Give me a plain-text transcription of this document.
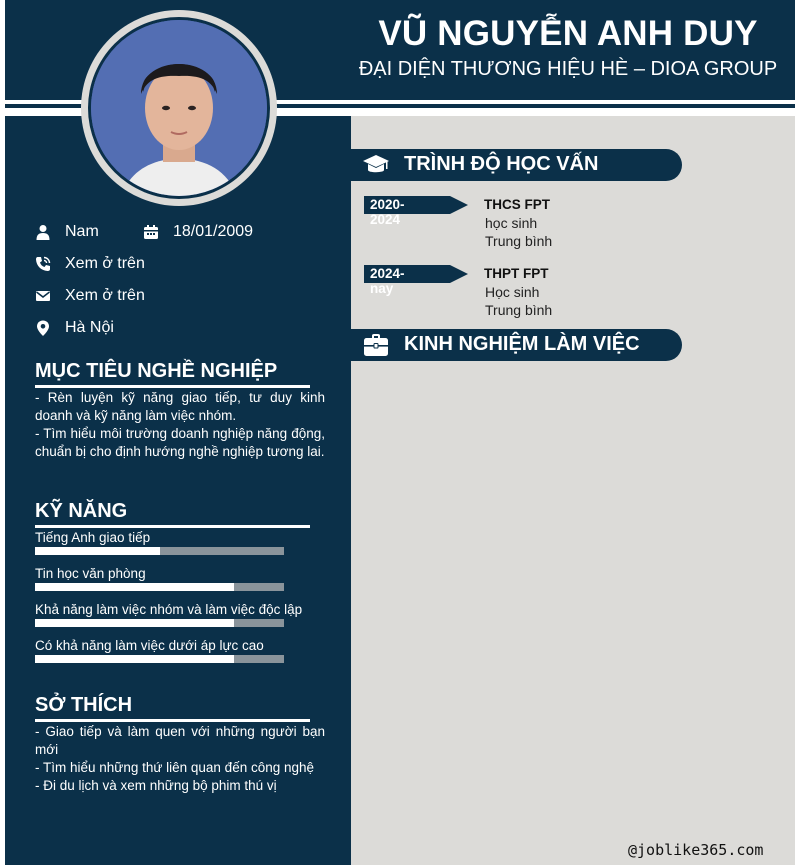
VŨ NGUYỄN ANH DUY
ĐẠI DIỆN THƯƠNG HIỆU HÈ – DIOA GROUP
Nam	18/01/2009
Xem ở trên
Xem ở trên
Hà Nội
MỤC TIÊU NGHỀ NGHIỆP
- Rèn luyện kỹ năng giao tiếp, tư duy kinh doanh và kỹ năng làm việc nhóm.
- Tìm hiểu môi trường doanh nghiệp năng động, chuẩn bị cho định hướng nghề nghiệp tương lai.
KỸ NĂNG
Tiếng Anh giao tiếp
Tin học văn phòng
Khả năng làm việc nhóm và làm việc độc lập
Có khả năng làm việc dưới áp lực cao
SỞ THÍCH
- Giao tiếp và làm quen với những người bạn mới
- Tìm hiểu những thứ liên quan đến công nghệ
- Đi du lịch và xem những bộ phim thú vị
TRÌNH ĐỘ HỌC VẤN
2020-2024
THCS FPT
học sinh
Trung bình
2024-nay
THPT FPT
Học sinh
Trung bình
KINH NGHIỆM LÀM VIỆC
@joblike365.com
